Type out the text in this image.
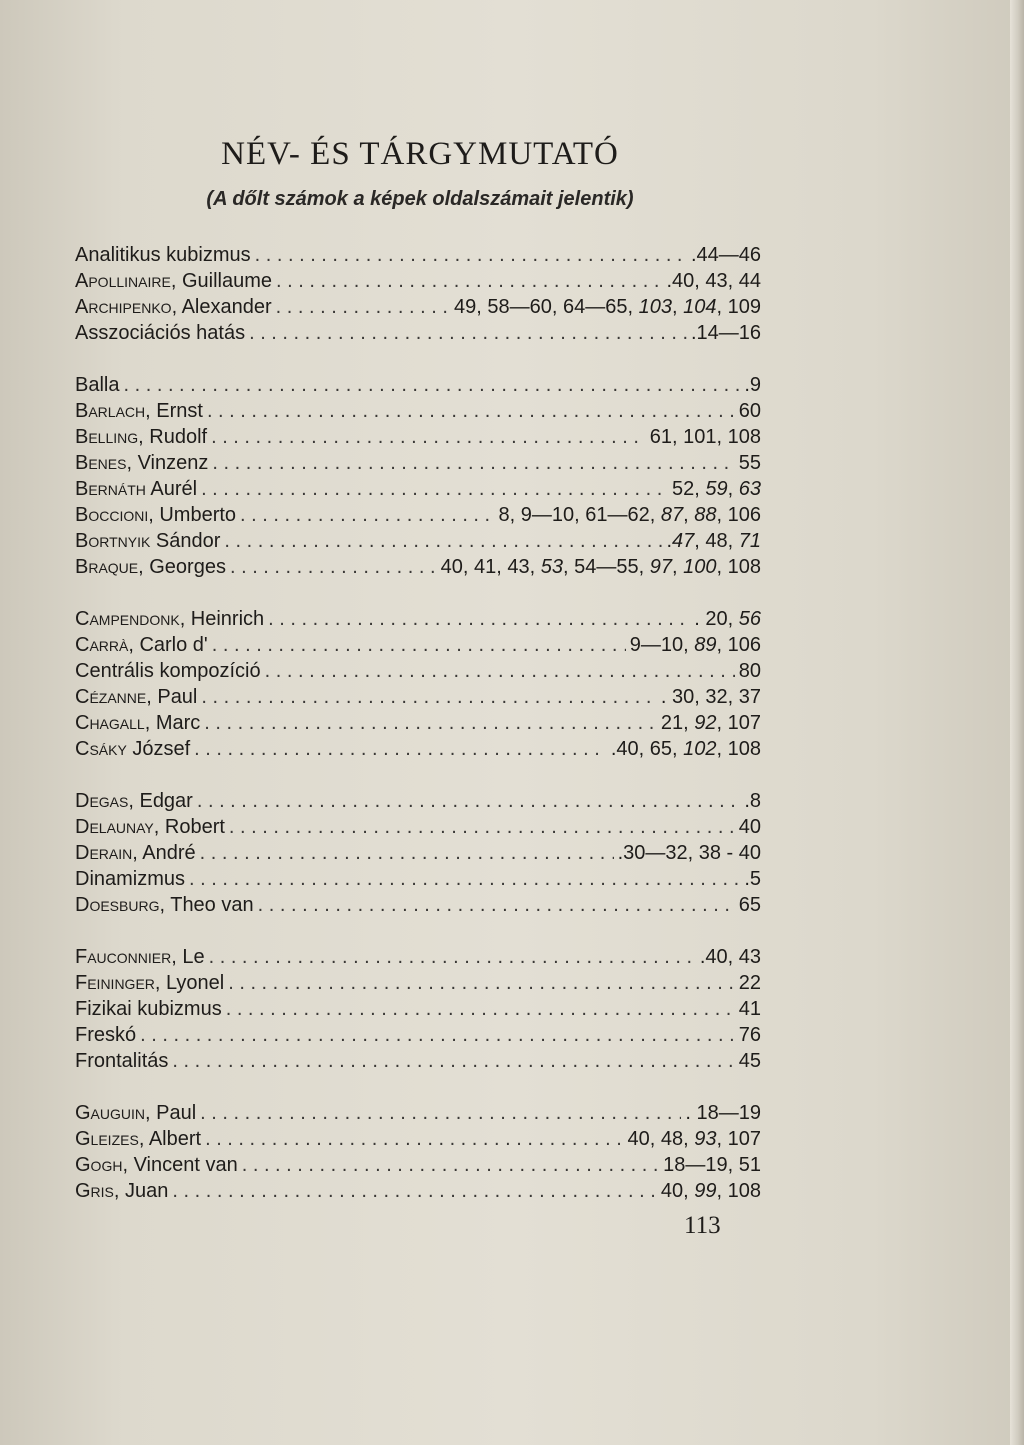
NÉV- ÉS TÁRGYMUTATÓ
(A dőlt számok a képek oldalszámait jelentik)
Analitikus kubizmus . . .	.44—46
Apollinaire, Guillaume . . .	.40, 43, 44
Archipenko, Alexander . . .	49, 58—60, 64—65, 103, 104, 109
Asszociációs hatás . . .	.14—16
Balla . . .	.9
Barlach, Ernst . . .	60
Belling, Rudolf . . .	61, 101, 108
Benes, Vinzenz . . .	55
Bernáth Aurél . . .	52, 59, 63
Boccioni, Umberto . . .	8, 9—10, 61—62, 87, 88, 106
Bortnyik Sándor . . .	.47, 48, 71
Braque, Georges . . .	40, 41, 43, 53, 54—55, 97, 100, 108
Campendonk, Heinrich . . .	. 20, 56
Carrà, Carlo d' . . .	9—10, 89, 106
Centrális kompozíció . . .	80
Cézanne, Paul . . .	. 30, 32, 37
Chagall, Marc . . .	21, 92, 107
Csáky József . . .	.40, 65, 102, 108
Degas, Edgar . . .	.8
Delaunay, Robert . . .	40
Derain, André . . .	.30—32, 38 - 40
Dinamizmus . . .	.5
Doesburg, Theo van . . .	65
Fauconnier, Le . . .	.40, 43
Feininger, Lyonel . . .	22
Fizikai kubizmus . . .	41
Freskó . . .	76
Frontalitás . . .	45
Gauguin, Paul . . .	. 18—19
Gleizes, Albert . . .	40, 48, 93, 107
Gogh, Vincent van . . .	18—19, 51
Gris, Juan . . .	40, 99, 108
113
